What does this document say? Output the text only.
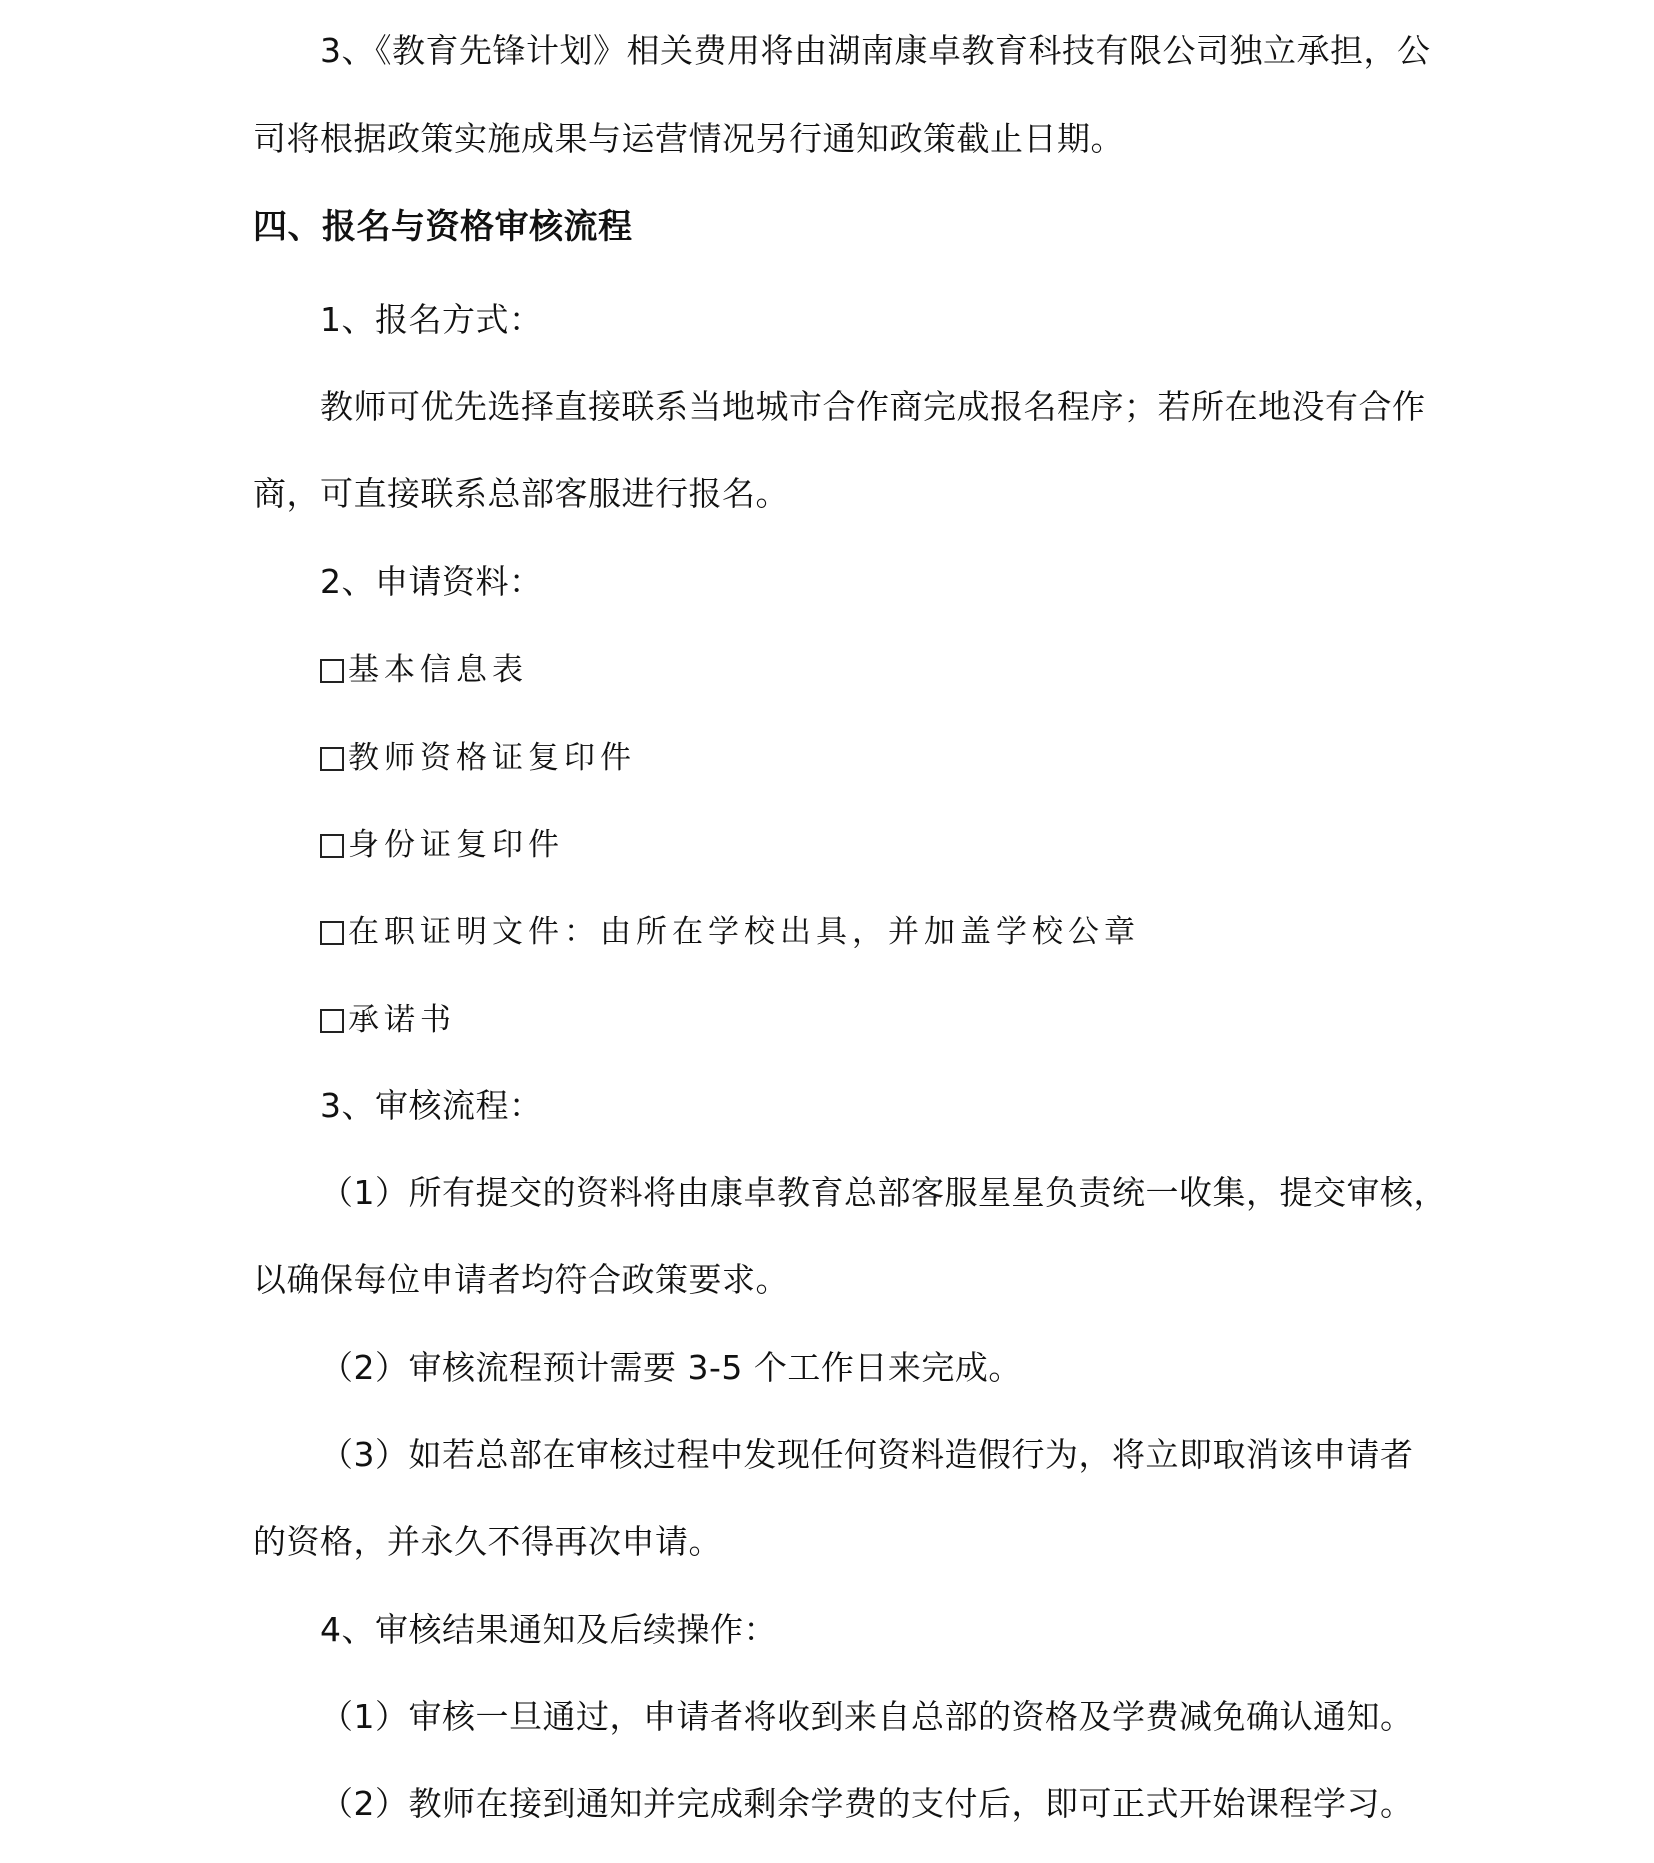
3、《教育先锋计划》相关费用将由湖南康卓教育科技有限公司独立承担，公
司将根据政策实施成果与运营情况另行通知政策截止日期。
四、报名与资格审核流程
1、报名方式：
教师可优先选择直接联系当地城市合作商完成报名程序；若所在地没有合作
商，可直接联系总部客服进行报名。
2、申请资料：
基本信息表
教师资格证复印件
身份证复印件
在职证明文件：由所在学校出具，并加盖学校公章
承诺书
3、审核流程：
（1）所有提交的资料将由康卓教育总部客服星星负责统一收集，提交审核，
以确保每位申请者均符合政策要求。
（2）审核流程预计需要 3-5 个工作日来完成。
（3）如若总部在审核过程中发现任何资料造假行为，将立即取消该申请者
的资格，并永久不得再次申请。
4、审核结果通知及后续操作：
（1）审核一旦通过，申请者将收到来自总部的资格及学费减免确认通知。
（2）教师在接到通知并完成剩余学费的支付后，即可正式开始课程学习。
